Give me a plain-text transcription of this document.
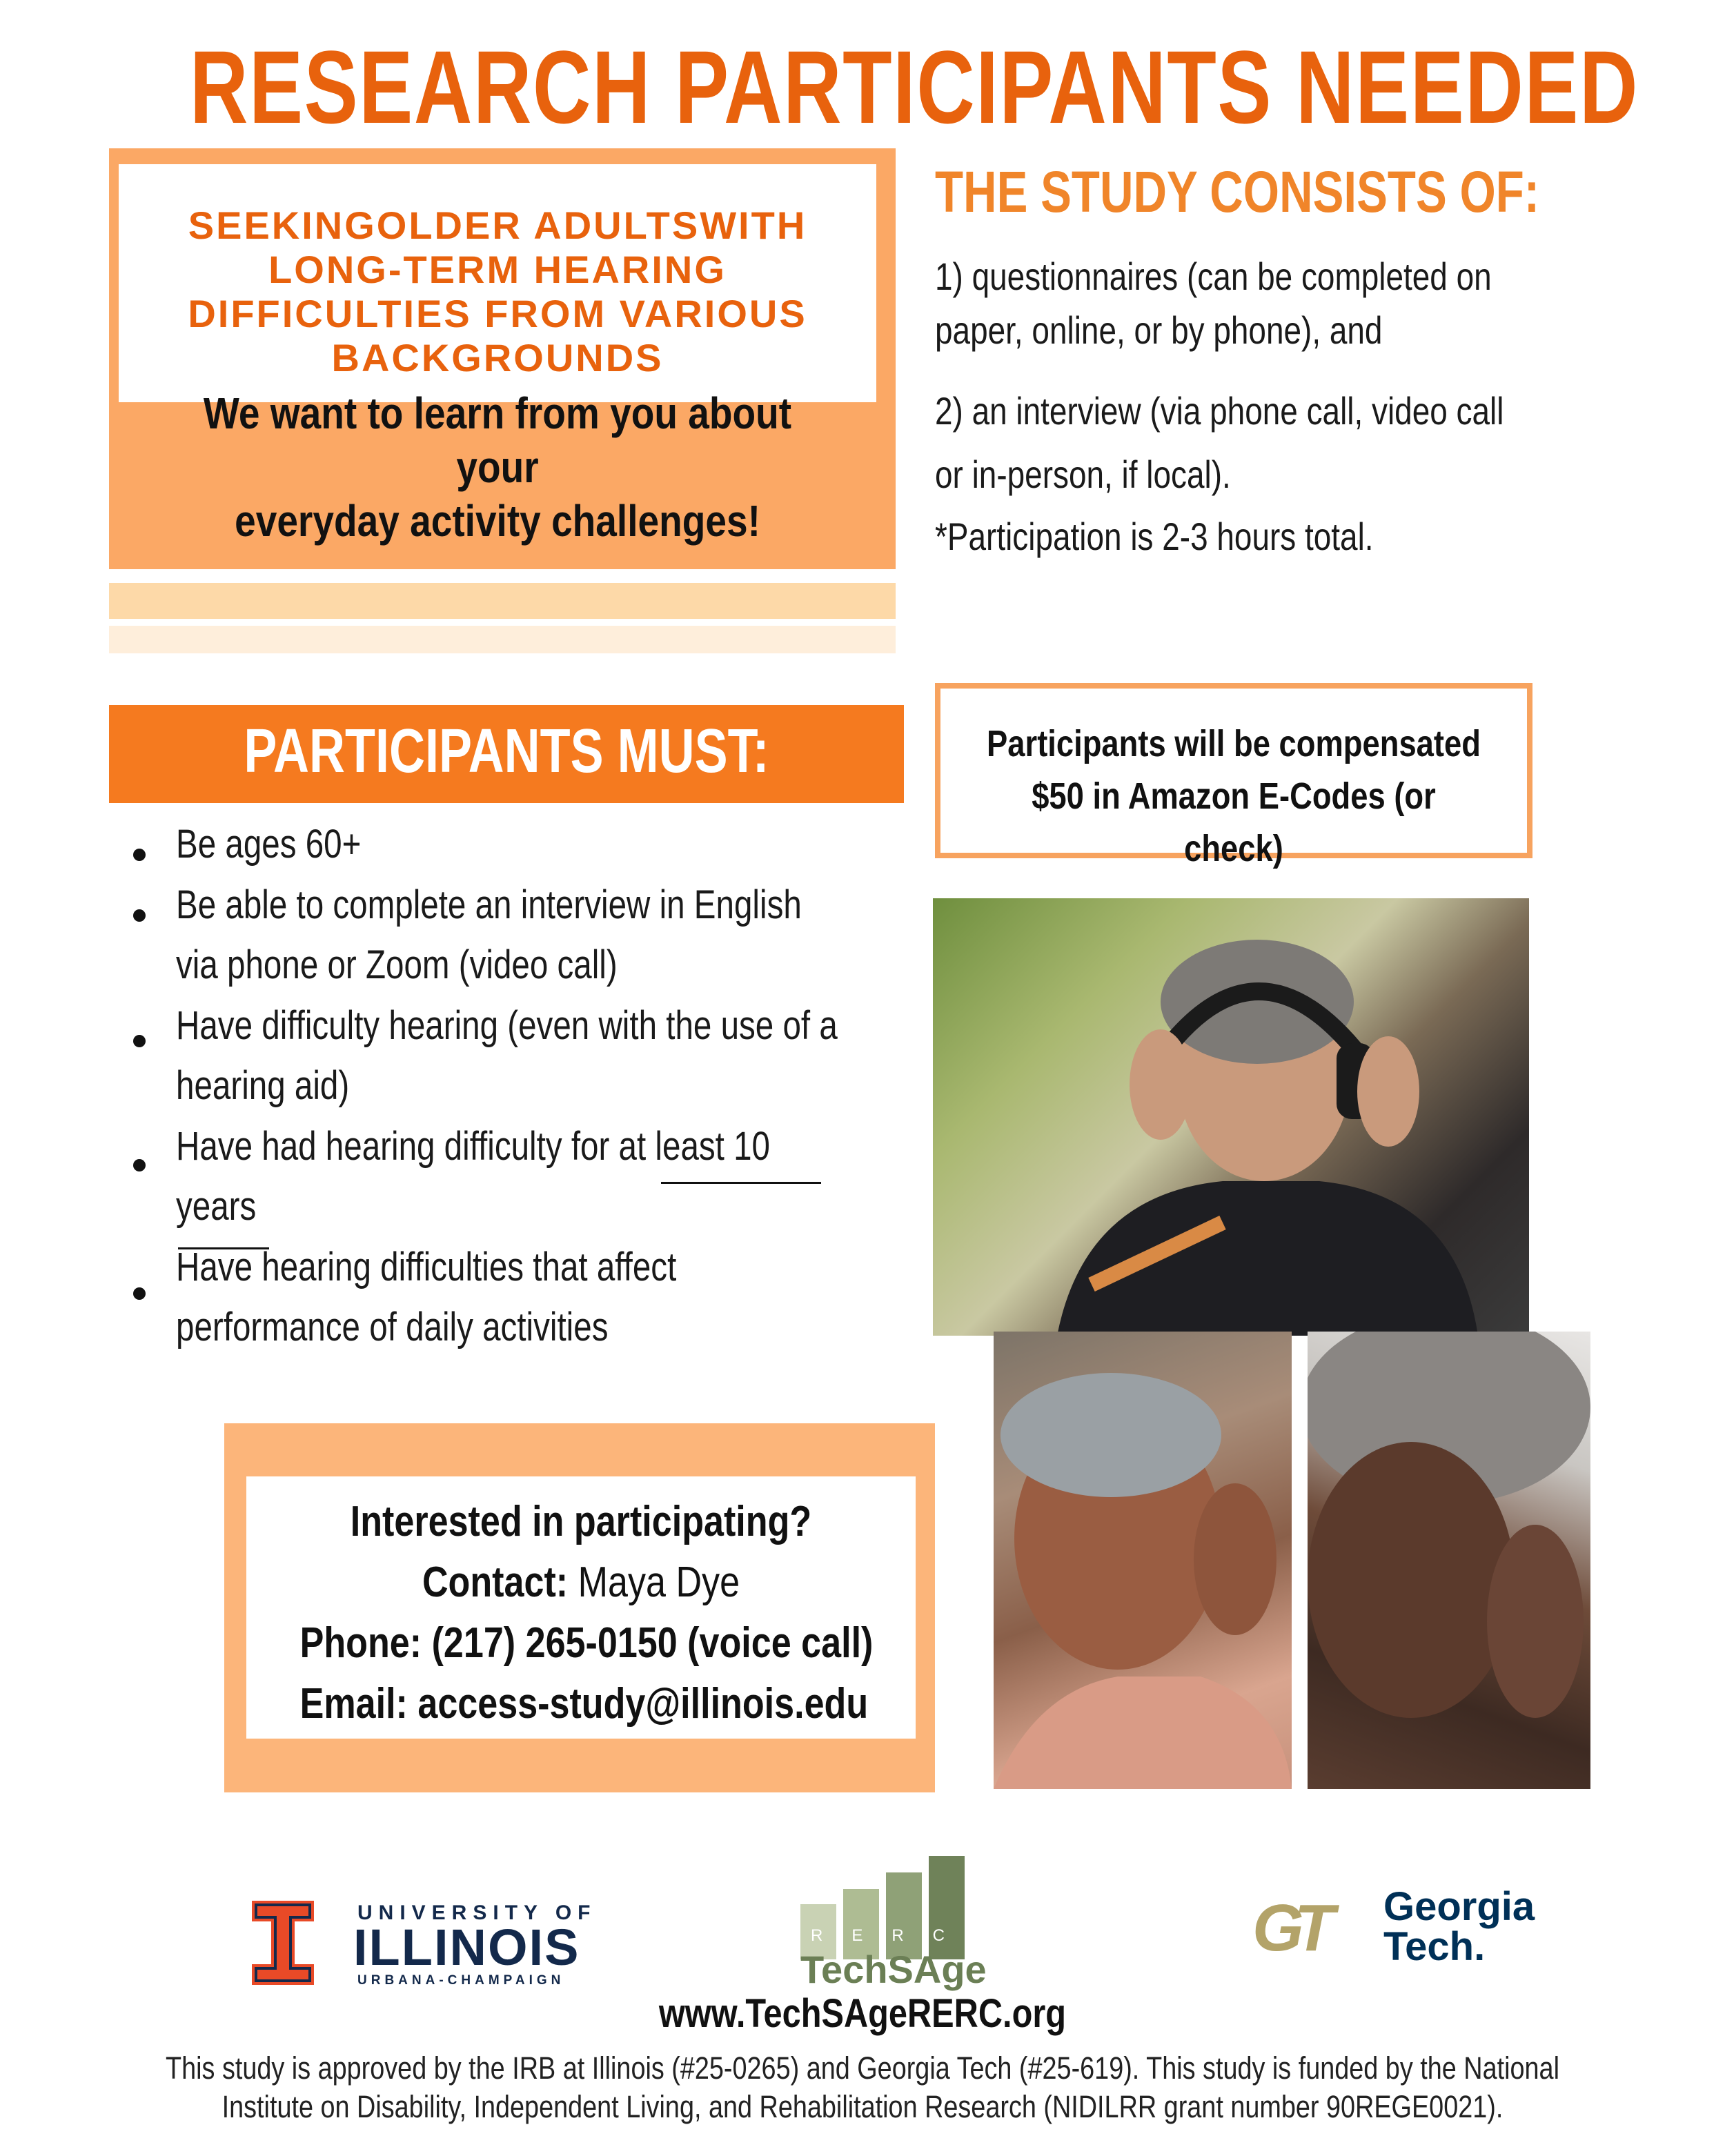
RESEARCH PARTICIPANTS NEEDED
SEEKINGOLDER ADULTSWITH
LONG-TERM HEARING
DIFFICULTIES FROM VARIOUS
BACKGROUNDS
We want to learn from you about your
everyday activity challenges!
THE STUDY CONSISTS OF:
1) questionnaires (can be completed on
paper, online, or by phone), and
2) an interview (via phone call, video call
or in-person, if local).
*Participation is 2-3 hours total.
PARTICIPANTS MUST:
Be ages 60+
Be able to complete an interview in English
via phone or Zoom (video call)
Have difficulty hearing (even with the use of a
hearing aid)
Have had hearing difficulty for at least 10
years
Have hearing difficulties that affect
performance of daily activities
Participants will be compensated
$50 in Amazon E-Codes (or check)
Interested in participating?
Contact: Maya Dye
Phone: (217) 265-0150 (voice call)
Email: access-study@illinois.edu
UNIVERSITY OF
ILLINOIS
URBANA-CHAMPAIGN
RERC
TechSAge
www.TechSAgeRERC.org
GT Georgia
Tech.
This study is approved by the IRB at Illinois (#25-0265) and Georgia Tech (#25-619). This study is funded by the National
Institute on Disability, Independent Living, and Rehabilitation Research (NIDILRR grant number 90REGE0021).
